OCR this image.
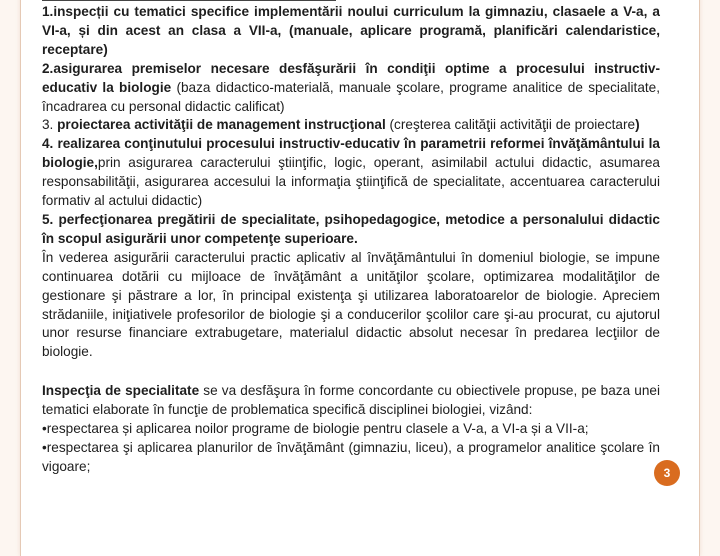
1.inspecții cu tematici specifice implementării noului curriculum la gimnaziu, clasaele a V-a, a VI-a, și din acest an clasa a VII-a, (manuale, aplicare programă, planificări calendaristice, receptare)

2.asigurarea premiselor necesare desfăşurării în condiţii optime a procesului instructiv-educativ la biologie (baza didactico-materială, manuale şcolare, programe analitice de specialitate, încadrarea cu personal didactic calificat)

3. proiectarea activităţii de management instrucţional (creşterea calităţii activităţii de proiectare)

4. realizarea conţinutului procesului instructiv-educativ în parametrii reformei învăţământului la biologie,prin asigurarea caracterului ştiinţific, logic, operant, asimilabil actului didactic, asumarea responsabilităţii, asigurarea accesului la informaţia ştiinţifică de specialitate, accentuarea caracterului formativ al actului didactic)

5. perfecţionarea pregătirii de specialitate, psihopedagogice, metodice a personalului didactic în scopul asigurării unor competenţe superioare.

În vederea asigurării caracterului practic aplicativ al învăţământului în domeniul biologie, se impune continuarea dotării cu mijloace de învăţământ a unităţilor şcolare, optimizarea modalităţilor de gestionare şi păstrare a lor, în principal existenţa şi utilizarea laboratoarelor de biologie. Apreciem strădaniile, iniţiativele profesorilor de biologie şi a conducerilor şcolilor care şi-au procurat, cu ajutorul unor resurse financiare extrabugetare, materialul didactic absolut necesar în predarea lecţiilor de biologie.

Inspecţia de specialitate se va desfăşura în forme concordante cu obiectivele propuse, pe baza unei tematici elaborate în funcţie de problematica specifică disciplinei biologiei, vizând:

•respectarea și aplicarea noilor programe de biologie pentru clasele a V-a, a VI-a și a VII-a;

•respectarea şi aplicarea planurilor de învăţământ (gimnaziu, liceu), a programelor analitice şcolare în vigoare;	3
